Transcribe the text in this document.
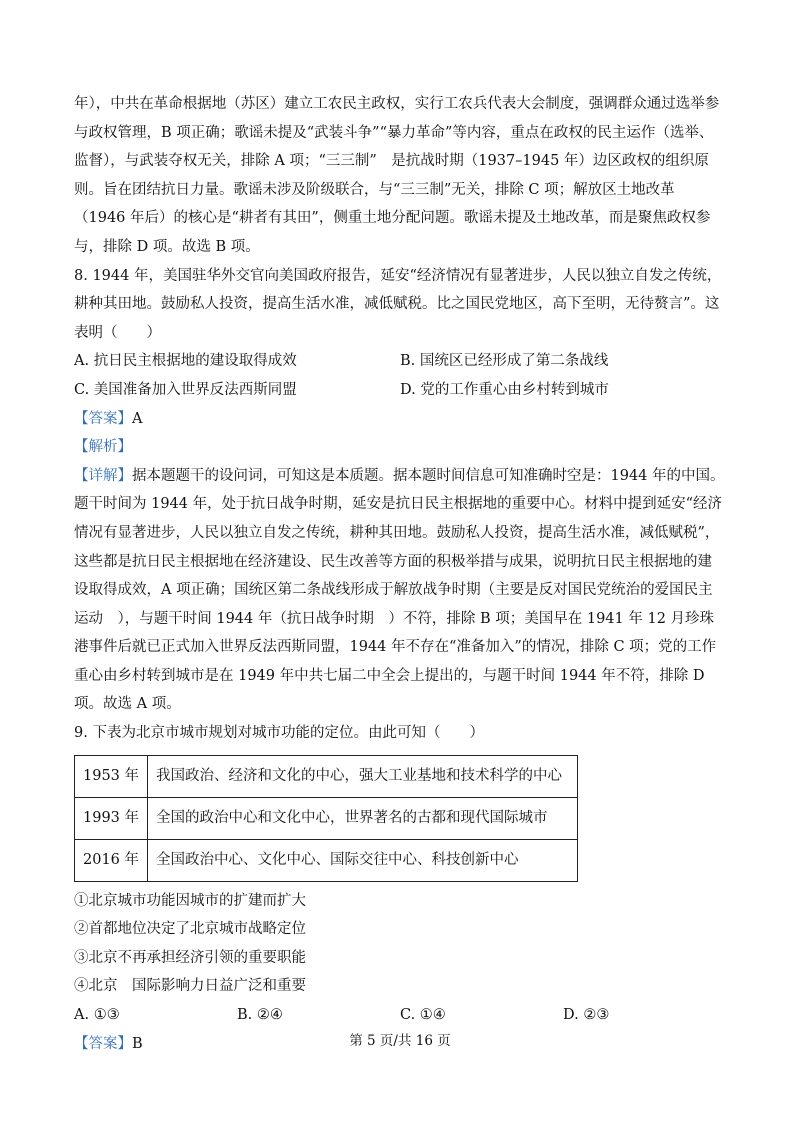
年），中共在革命根据地（苏区）建立工农民主政权，实行工农兵代表大会制度，强调群众通过选举参与政权管理，B 项正确；歌谣未提及“武装斗争”“暴力革命”等内容，重点在政权的民主运作（选举、监督），与武装夺权无关，排除 A 项；“三三制”　是抗战时期（1937–1945 年）边区政权的组织原则。旨在团结抗日力量。歌谣未涉及阶级联合，与“三三制”无关，排除 C 项；解放区土地改革（1946 年后）的核心是“耕者有其田”，侧重土地分配问题。歌谣未提及土地改革，而是聚焦政权参与，排除 D 项。故选 B 项。

8. 1944 年，美国驻华外交官向美国政府报告，延安“经济情况有显著进步，人民以独立自发之传统，耕种其田地。鼓励私人投资，提高生活水准，减低赋税。比之国民党地区，高下至明，无待赘言”。这表明（　　）

A. 抗日民主根据地的建设取得成效	B. 国统区已经形成了第二条战线
C. 美国准备加入世界反法西斯同盟	D. 党的工作重心由乡村转到城市

【答案】A

【解析】

【详解】据本题题干的设问词，可知这是本质题。据本题时间信息可知准确时空是：1944 年的中国。题干时间为 1944 年，处于抗日战争时期，延安是抗日民主根据地的重要中心。材料中提到延安“经济情况有显著进步，人民以独立自发之传统，耕种其田地。鼓励私人投资，提高生活水准，减低赋税”，这些都是抗日民主根据地在经济建设、民生改善等方面的积极举措与成果，说明抗日民主根据地的建设取得成效，A 项正确；国统区第二条战线形成于解放战争时期（主要是反对国民党统治的爱国民主运动　），与题干时间 1944 年（抗日战争时期　）不符，排除 B 项；美国早在 1941 年 12 月珍珠港事件后就已正式加入世界反法西斯同盟，1944 年不存在“准备加入”的情况，排除 C 项；党的工作重心由乡村转到城市是在 1949 年中共七届二中全会上提出的，与题干时间 1944 年不符，排除 D 项。故选 A 项。

9. 下表为北京市城市规划对城市功能的定位。由此可知（　　）

1953 年	我国政治、经济和文化的中心，强大工业基地和技术科学的中心
1993 年	全国的政治中心和文化中心，世界著名的古都和现代国际城市
2016 年	全国政治中心、文化中心、国际交往中心、科技创新中心

①北京城市功能因城市的扩建而扩大

②首都地位决定了北京城市战略定位

③北京不再承担经济引领的重要职能

④北京　国际影响力日益广泛和重要

A. ①③	B. ②④	C. ①④	D. ②③

【答案】B	第 5 页/共 16 页
